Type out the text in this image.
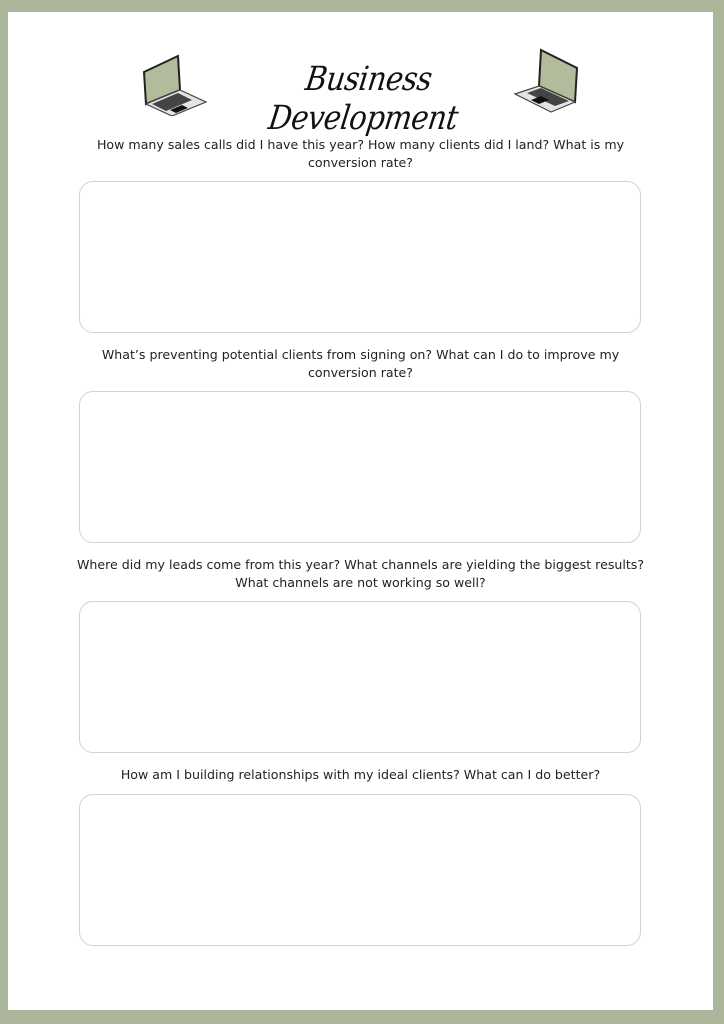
Business Development
How many sales calls did I have this year? How many clients did I land? What is my conversion rate?
What’s preventing potential clients from signing on? What can I do to improve my conversion rate?
Where did my leads come from this year? What channels are yielding the biggest results? What channels are not working so well?
How am I building relationships with my ideal clients? What can I do better?
